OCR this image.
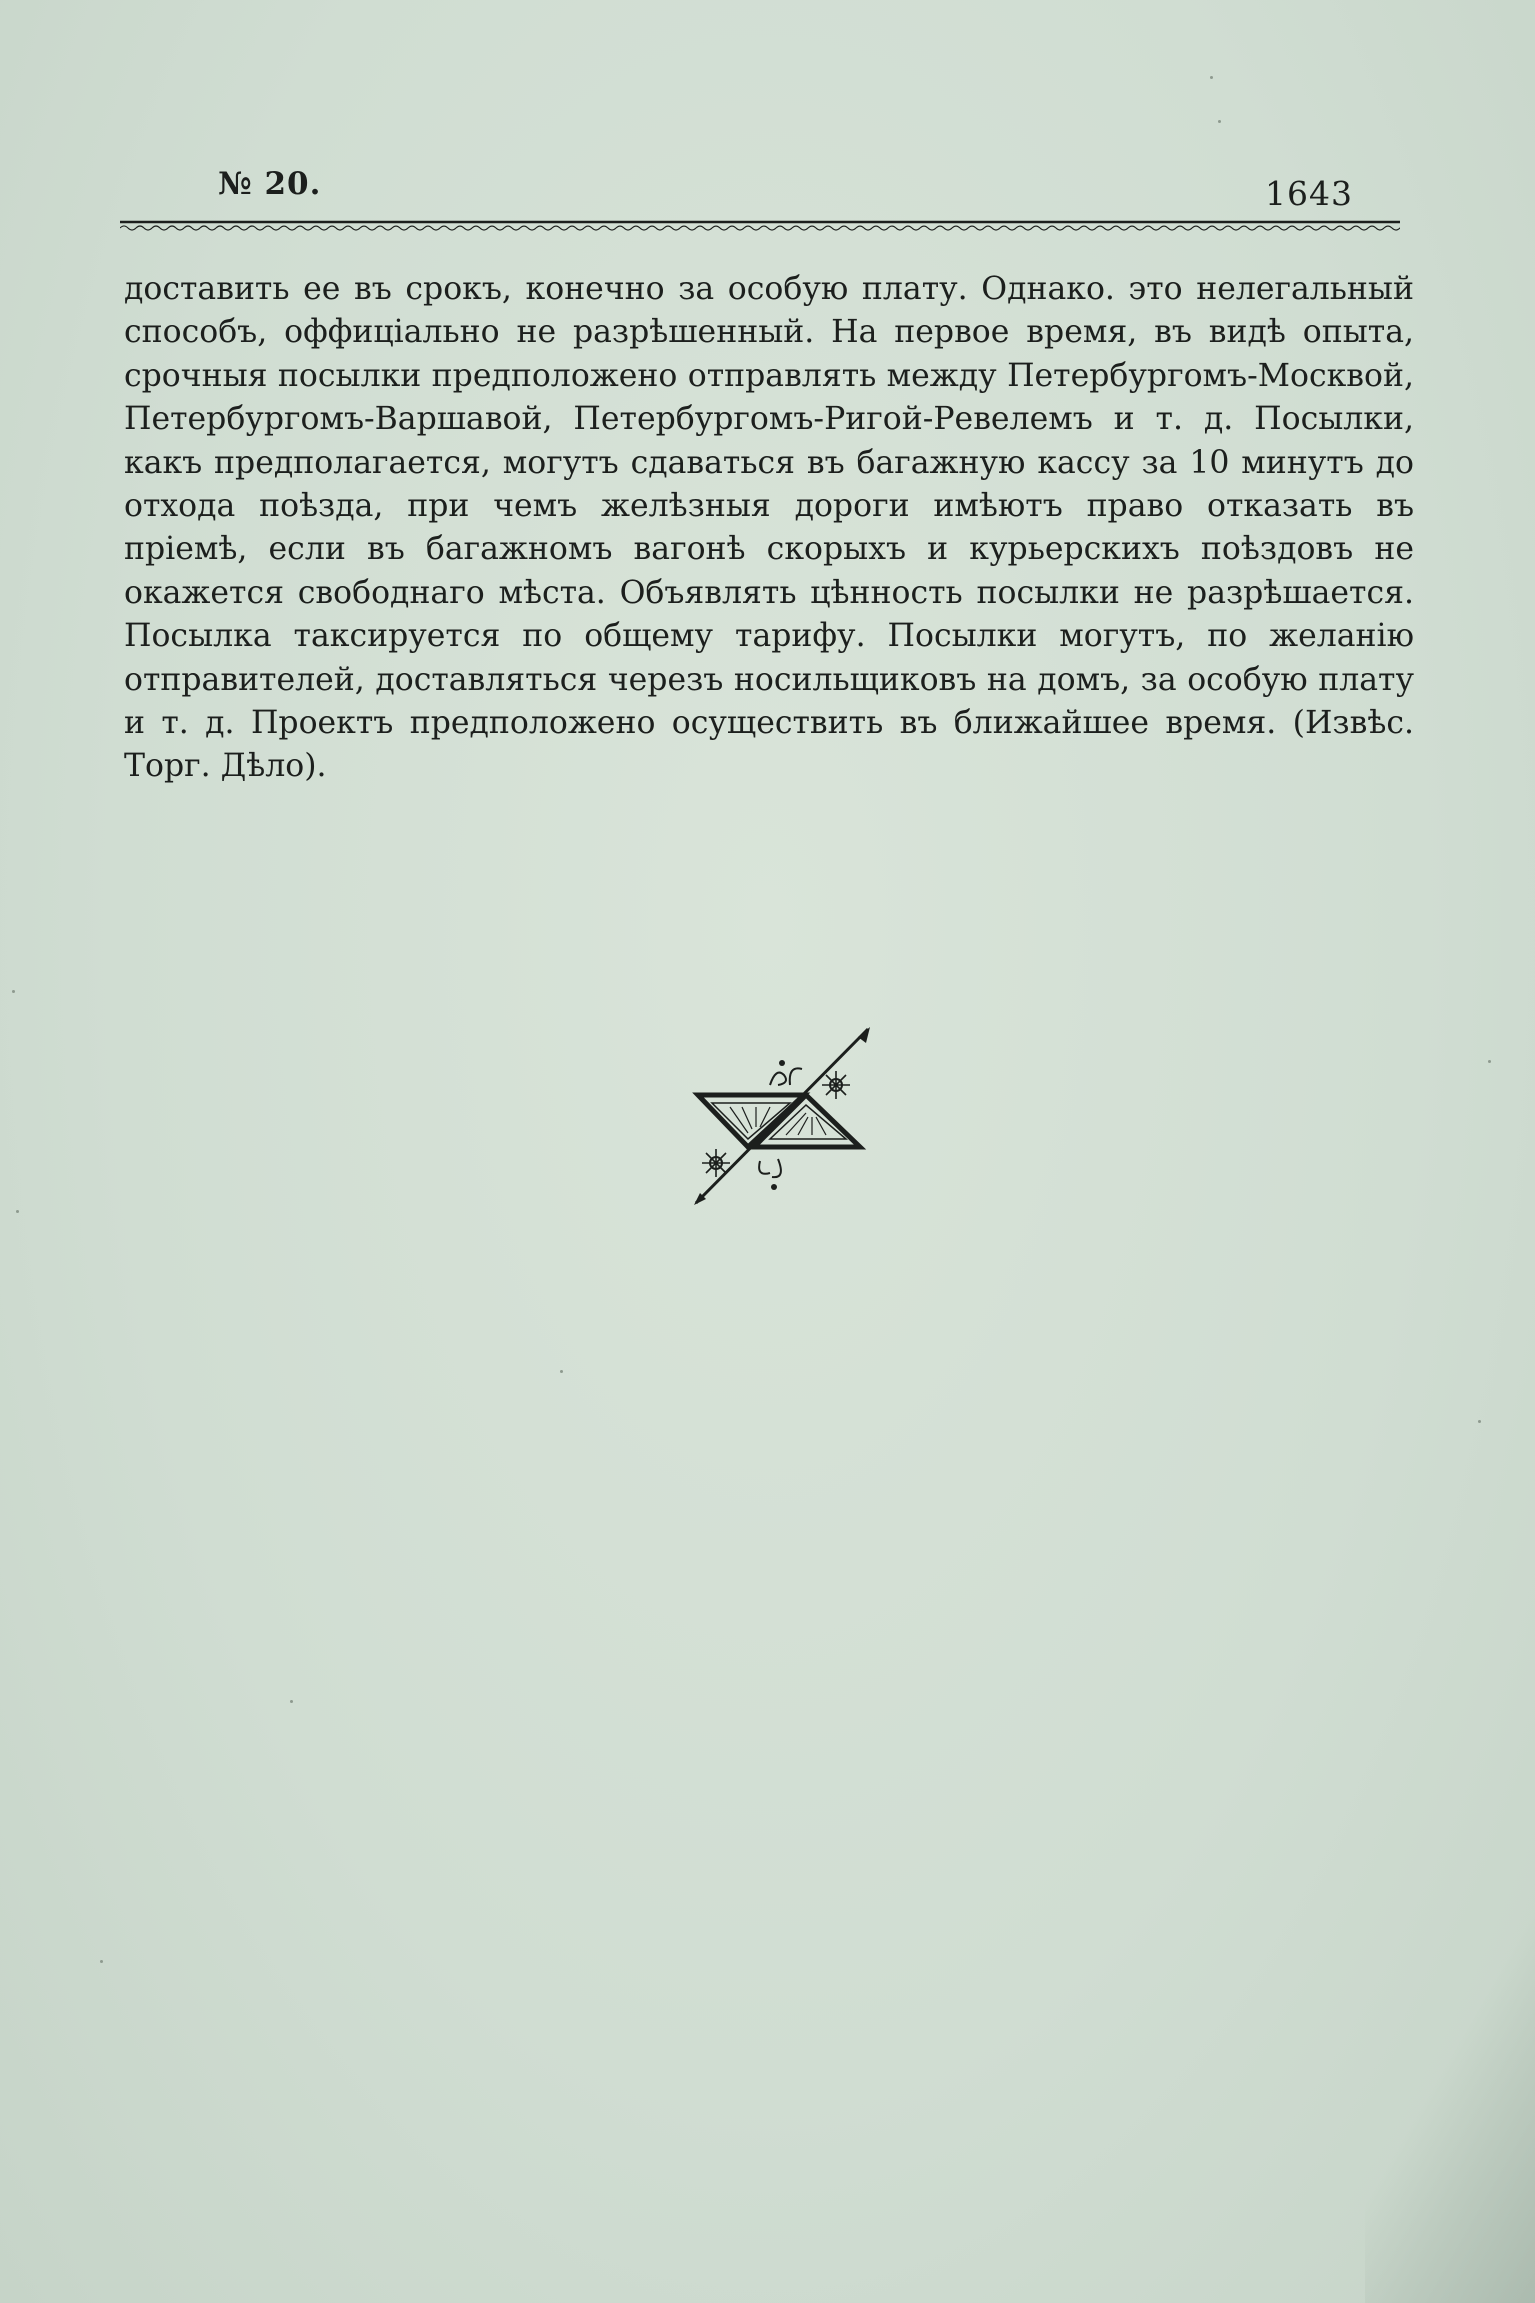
№ 20.	1643

доставить ее въ срокъ, конечно за особую плату. Однако. это нелегальный способъ, оффиціально не разрѣшенный. На первое время, въ видѣ опыта, срочныя посылки предположено отправлять между Петербургомъ-Москвой, Петербургомъ-Варшавой, Петербургомъ-Ригой-Ревелемъ и т. д. Посылки, какъ предполагается, могутъ сдаваться въ багажную кассу за 10 минутъ до отхода поѣзда, при чемъ желѣзныя дороги имѣютъ право отказать въ пріемѣ, если въ багажномъ вагонѣ скорыхъ и курьерскихъ поѣздовъ не окажется свободнаго мѣста. Объявлять цѣнность посылки не разрѣшается. Посылка таксируется по общему тарифу. Посылки могутъ, по желанію отправителей, доставляться черезъ носильщиковъ на домъ, за особую плату и т. д. Проектъ предположено осуществить въ ближайшее время. (Извѣс. Торг. Дѣло).
